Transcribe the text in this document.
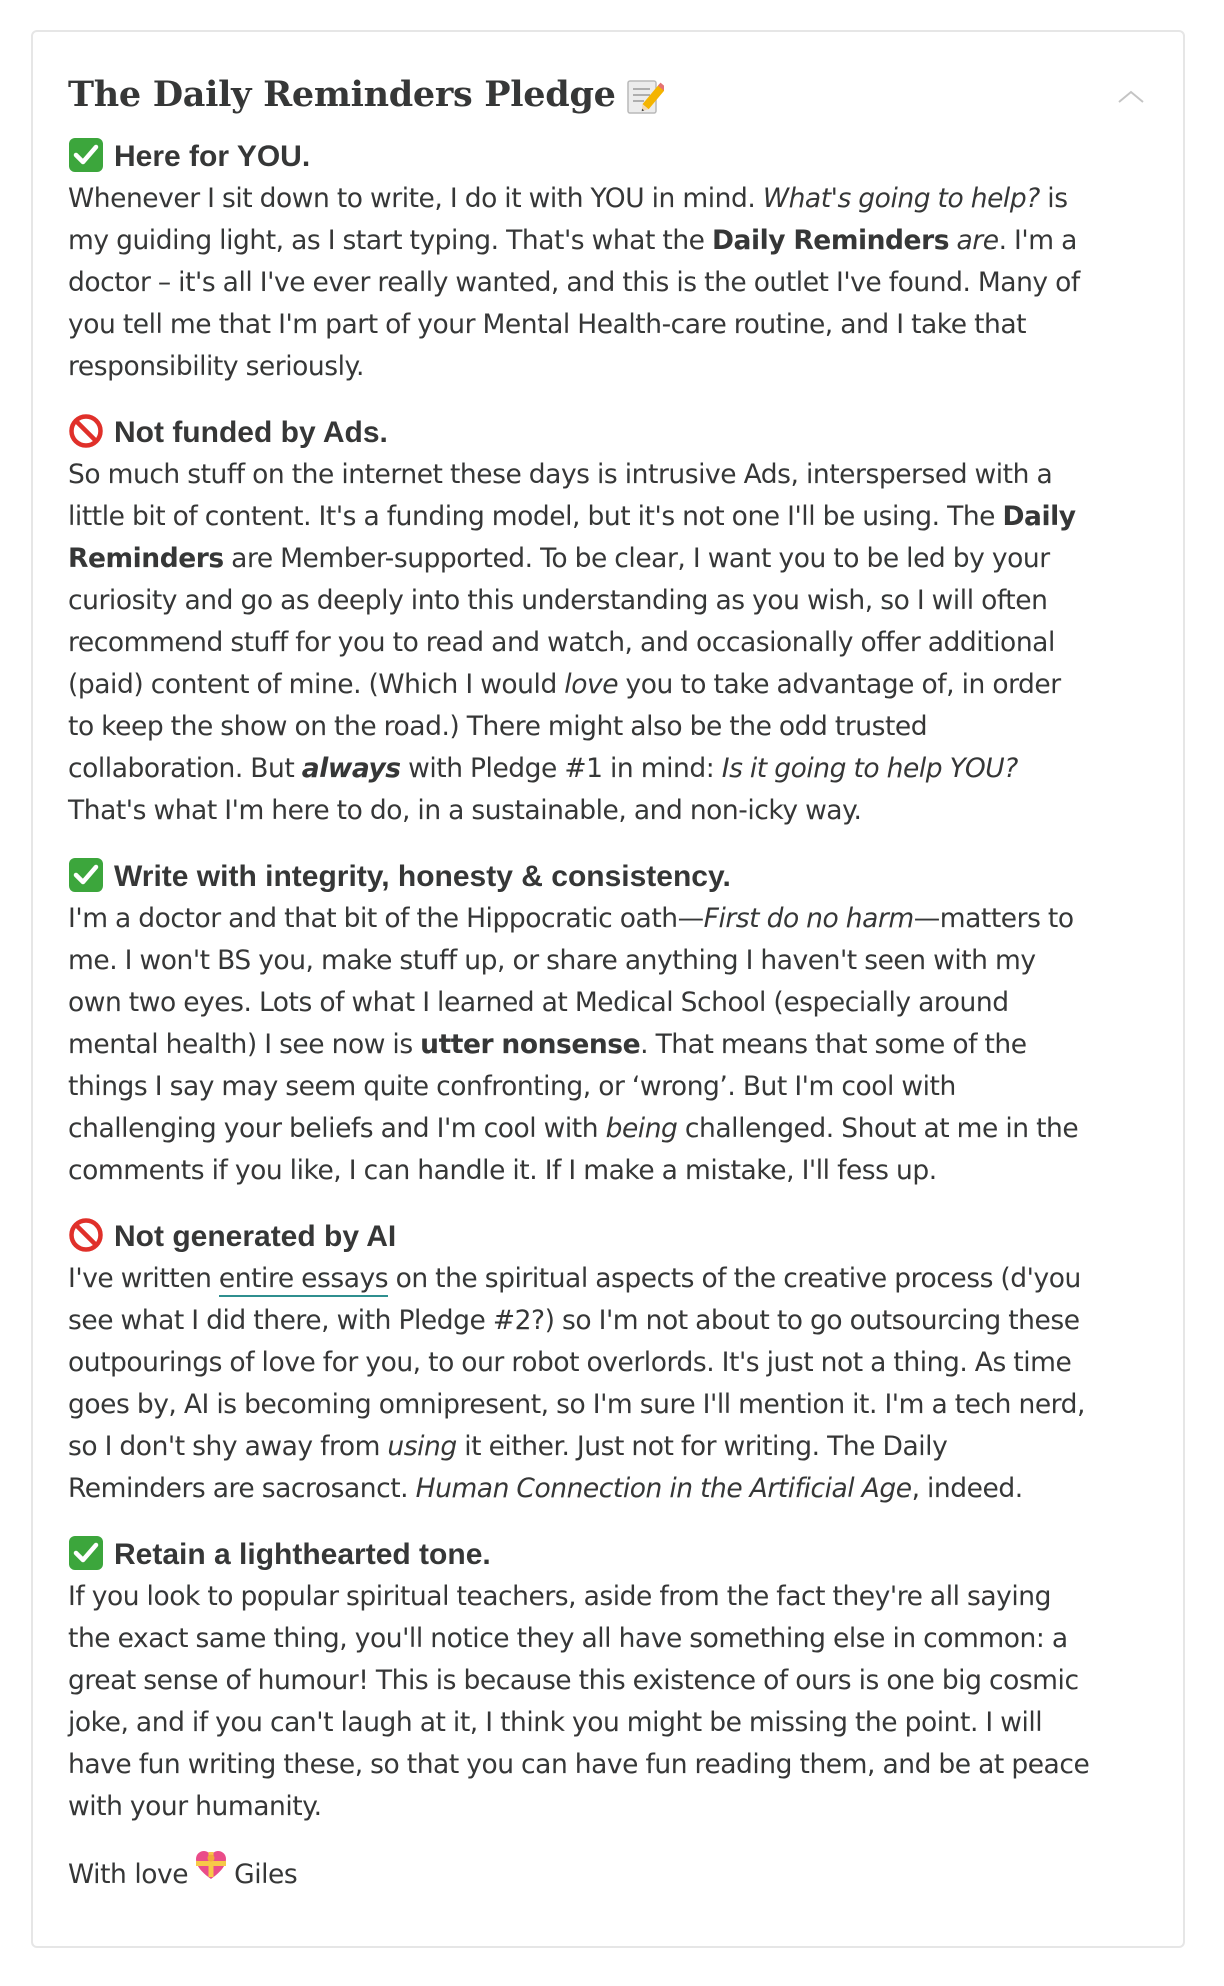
The Daily Reminders Pledge
Here for YOU.

Whenever I sit down to write, I do it with YOU in mind. What's going to help? is

my guiding light, as I start typing. That's what the Daily Reminders are. I'm a

doctor – it's all I've ever really wanted, and this is the outlet I've found. Many of

you tell me that I'm part of your Mental Health-care routine, and I take that

responsibility seriously.

Not funded by Ads.

So much stuff on the internet these days is intrusive Ads, interspersed with a

little bit of content. It's a funding model, but it's not one I'll be using. The Daily

Reminders are Member-supported. To be clear, I want you to be led by your

curiosity and go as deeply into this understanding as you wish, so I will often

recommend stuff for you to read and watch, and occasionally offer additional

(paid) content of mine. (Which I would love you to take advantage of, in order

to keep the show on the road.) There might also be the odd trusted

collaboration. But always with Pledge #1 in mind: Is it going to help YOU?

That's what I'm here to do, in a sustainable, and non-icky way.

Write with integrity, honesty & consistency.

I'm a doctor and that bit of the Hippocratic oath—First do no harm—matters to

me. I won't BS you, make stuff up, or share anything I haven't seen with my

own two eyes. Lots of what I learned at Medical School (especially around

mental health) I see now is utter nonsense. That means that some of the

things I say may seem quite confronting, or ‘wrong’. But I'm cool with

challenging your beliefs and I'm cool with being challenged. Shout at me in the

comments if you like, I can handle it. If I make a mistake, I'll fess up.

Not generated by AI

I've written entire essays on the spiritual aspects of the creative process (d'you

see what I did there, with Pledge #2?) so I'm not about to go outsourcing these

outpourings of love for you, to our robot overlords. It's just not a thing. As time

goes by, AI is becoming omnipresent, so I'm sure I'll mention it. I'm a tech nerd,

so I don't shy away from using it either. Just not for writing. The Daily

Reminders are sacrosanct. Human Connection in the Artificial Age, indeed.

Retain a lighthearted tone.

If you look to popular spiritual teachers, aside from the fact they're all saying

the exact same thing, you'll notice they all have something else in common: a

great sense of humour! This is because this existence of ours is one big cosmic

joke, and if you can't laugh at it, I think you might be missing the point. I will

have fun writing these, so that you can have fun reading them, and be at peace

with your humanity.

With love Giles
